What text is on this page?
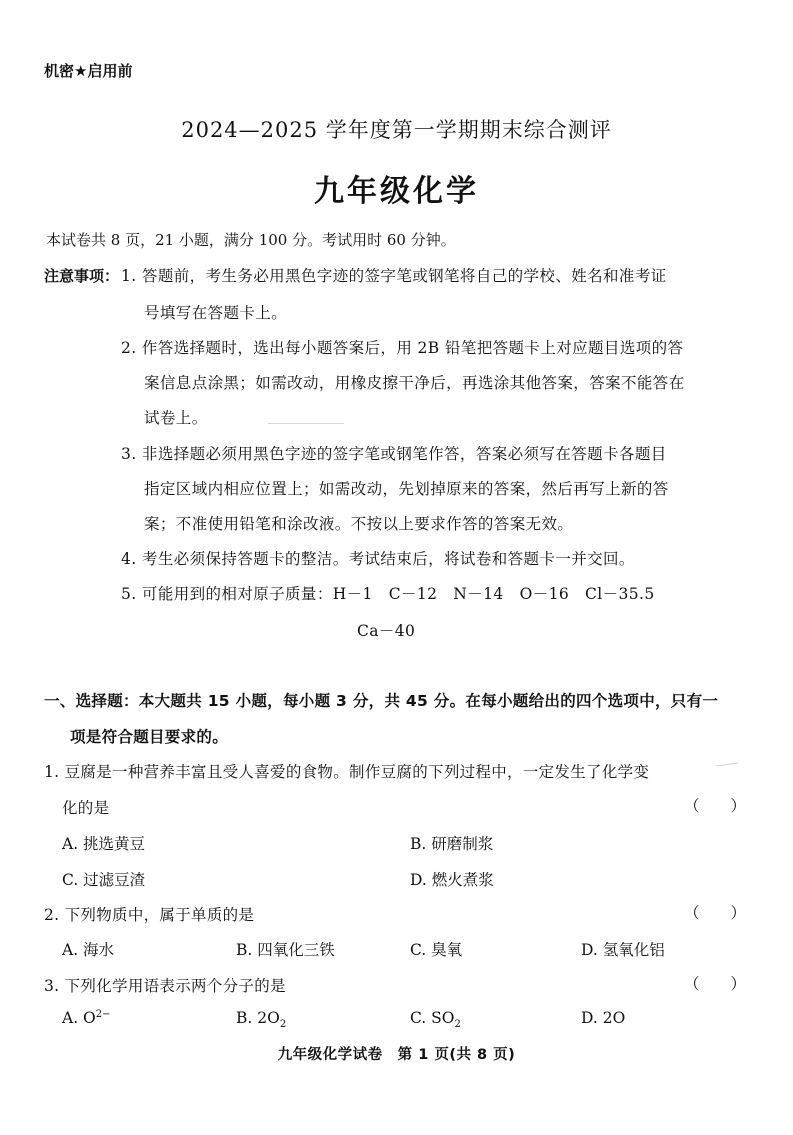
机密★启用前
2024—2025 学年度第一学期期末综合测评
九年级化学
本试卷共 8 页，21 小题，满分 100 分。考试用时 60 分钟。
注意事项： 1. 答题前，考生务必用黑色字迹的签字笔或钢笔将自己的学校、姓名和准考证
号填写在答题卡上。
2. 作答选择题时，选出每小题答案后，用 2B 铅笔把答题卡上对应题目选项的答
案信息点涂黑；如需改动，用橡皮擦干净后，再选涂其他答案，答案不能答在
试卷上。
3. 非选择题必须用黑色字迹的签字笔或钢笔作答，答案必须写在答题卡各题目
指定区域内相应位置上；如需改动，先划掉原来的答案，然后再写上新的答
案；不准使用铅笔和涂改液。不按以上要求作答的答案无效。
4. 考生必须保持答题卡的整洁。考试结束后，将试卷和答题卡一并交回。
5. 可能用到的相对原子质量：H－1　C－12　N－14　O－16　Cl－35.5
Ca－40
一、选择题：本大题共 15 小题，每小题 3 分，共 45 分。在每小题给出的四个选项中，只有一
项是符合题目要求的。
1. 豆腐是一种营养丰富且受人喜爱的食物。制作豆腐的下列过程中，一定发生了化学变
化的是	（　　）
A. 挑选黄豆	B. 研磨制浆
C. 过滤豆渣	D. 燃火煮浆
2. 下列物质中，属于单质的是	（　　）
A. 海水	B. 四氧化三铁	C. 臭氧	D. 氢氧化铝
3. 下列化学用语表示两个分子的是	（　　）
A. $O^{2-}$	B. $2O_2$	C. $SO_2$	D. 2O
九年级化学试卷　第 1 页(共 8 页)
